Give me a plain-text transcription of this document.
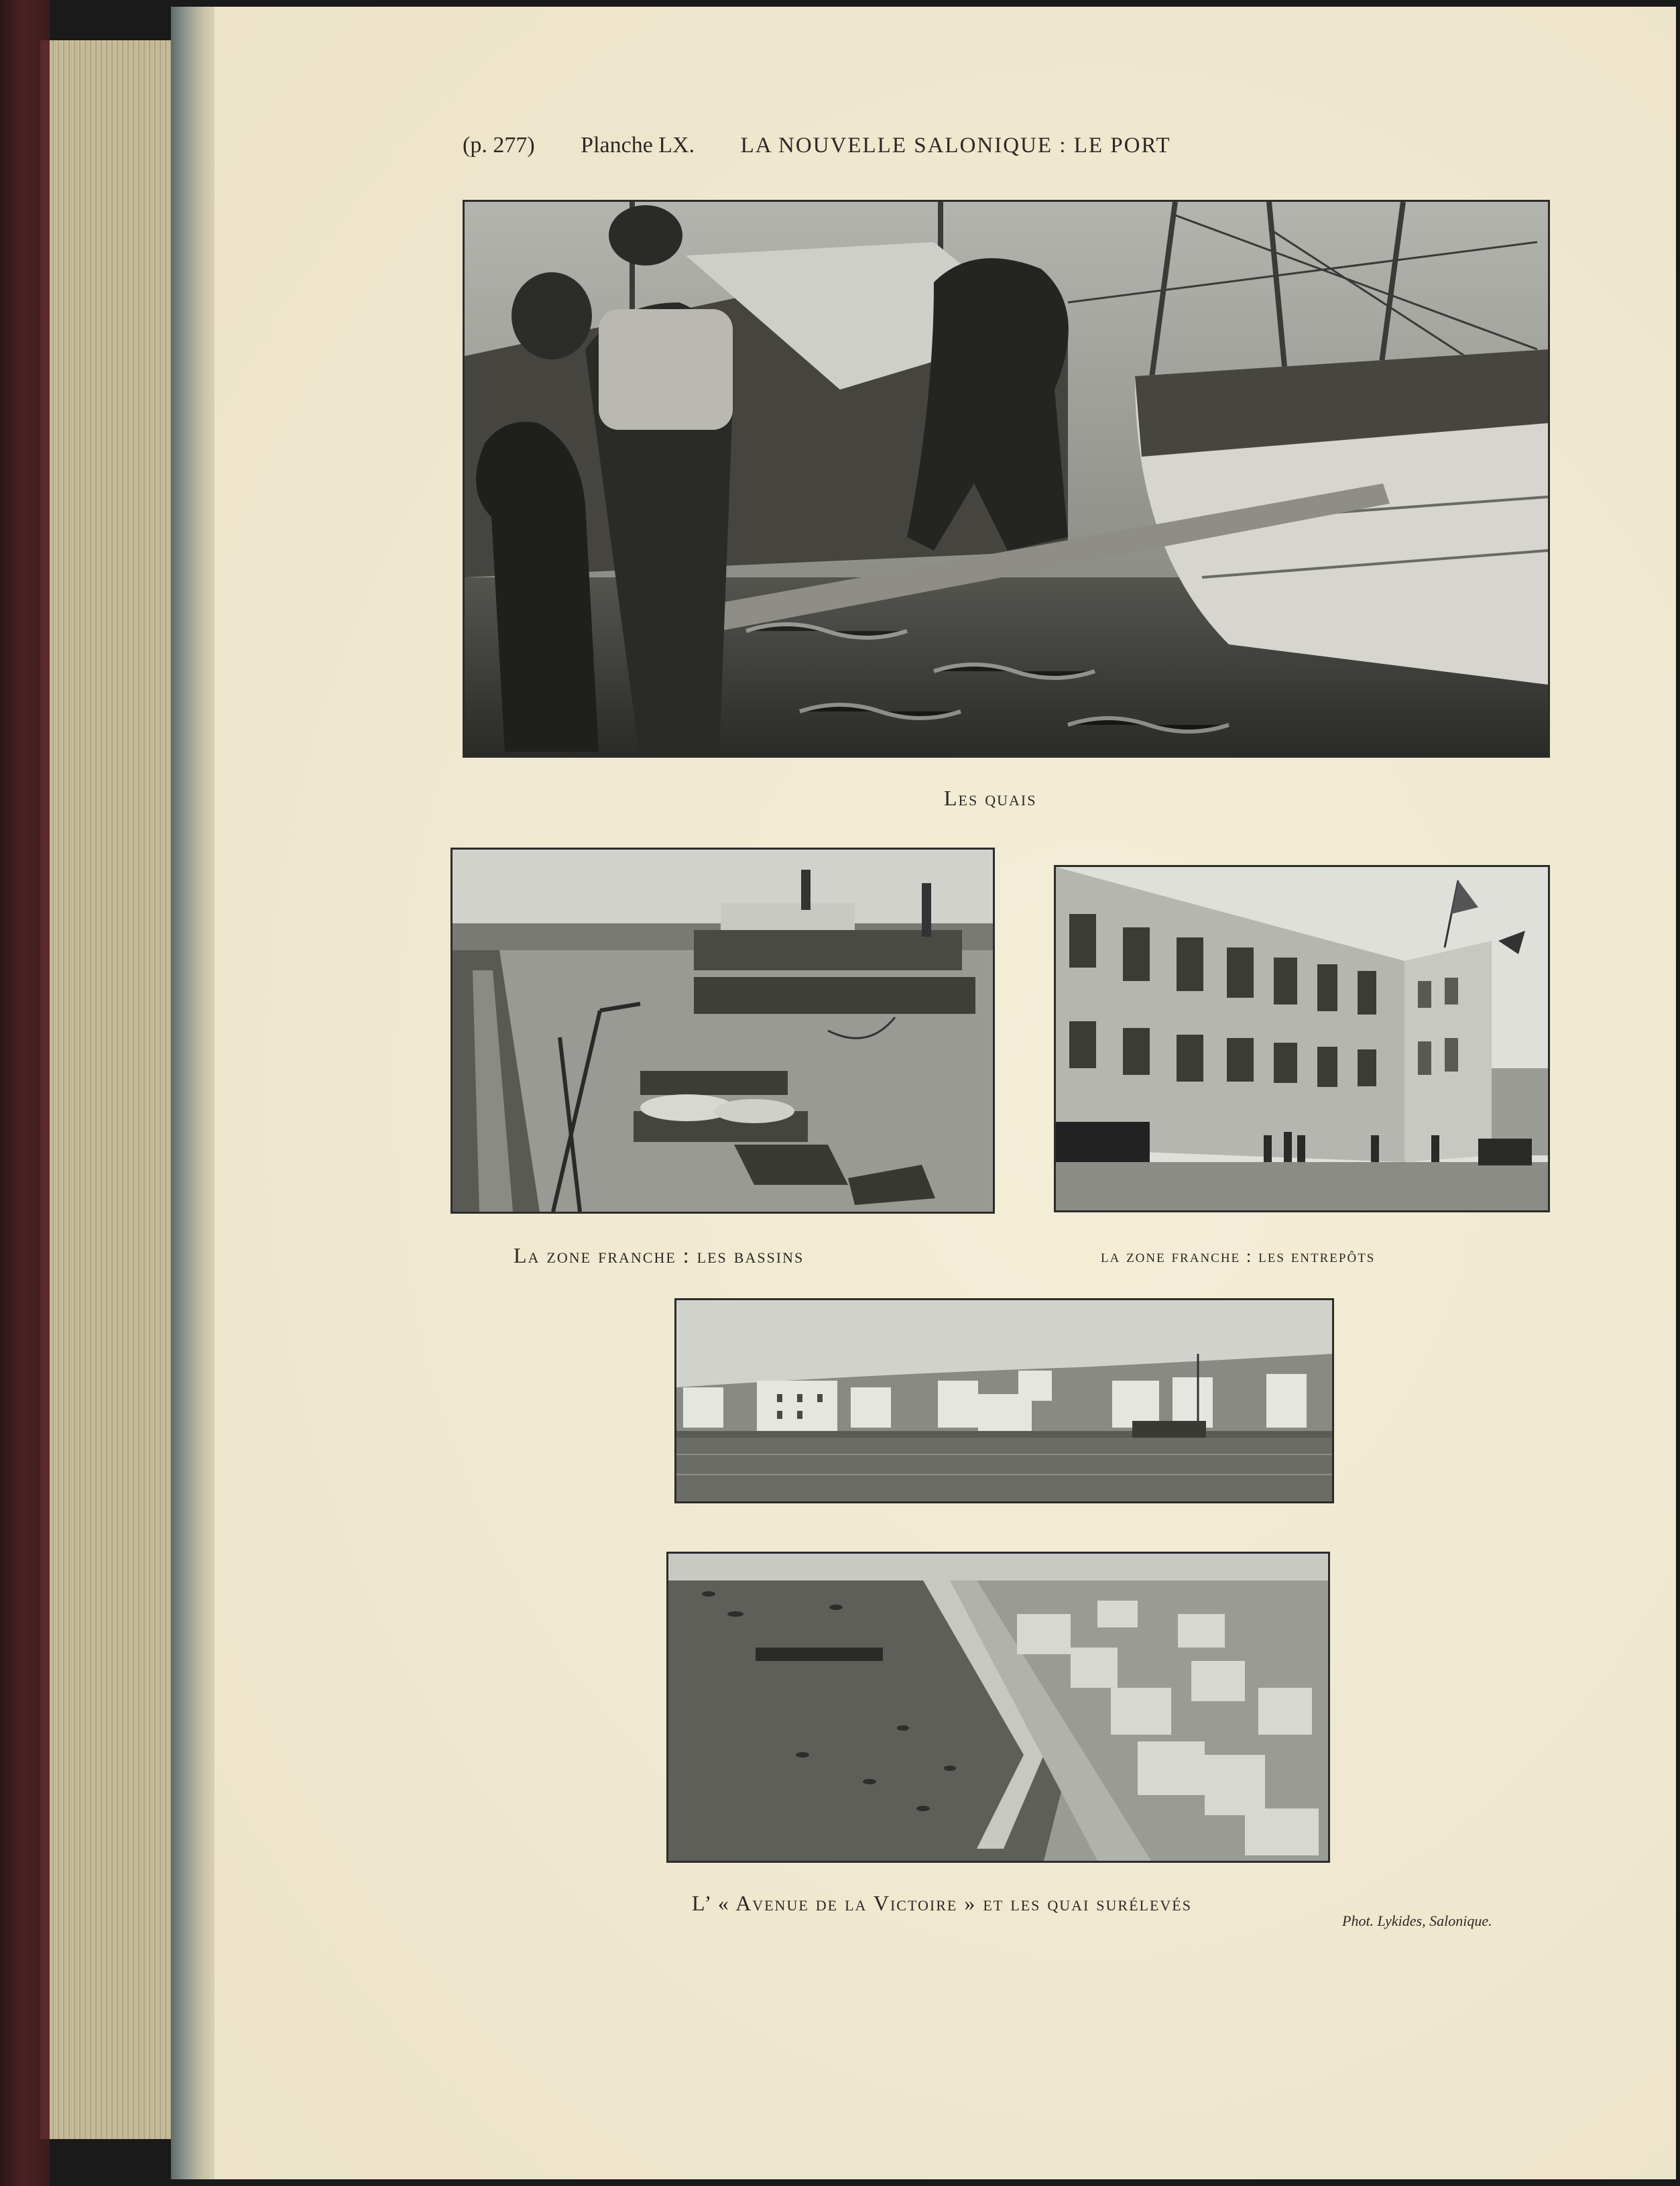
(p. 277) Planche LX. LA NOUVELLE SALONIQUE : LE PORT
Les quais
La zone franche : les bassins	la zone franche : les entrepôts
L’ « Avenue de la Victoire » et les quai surélevés
Phot. Lykides, Salonique.
